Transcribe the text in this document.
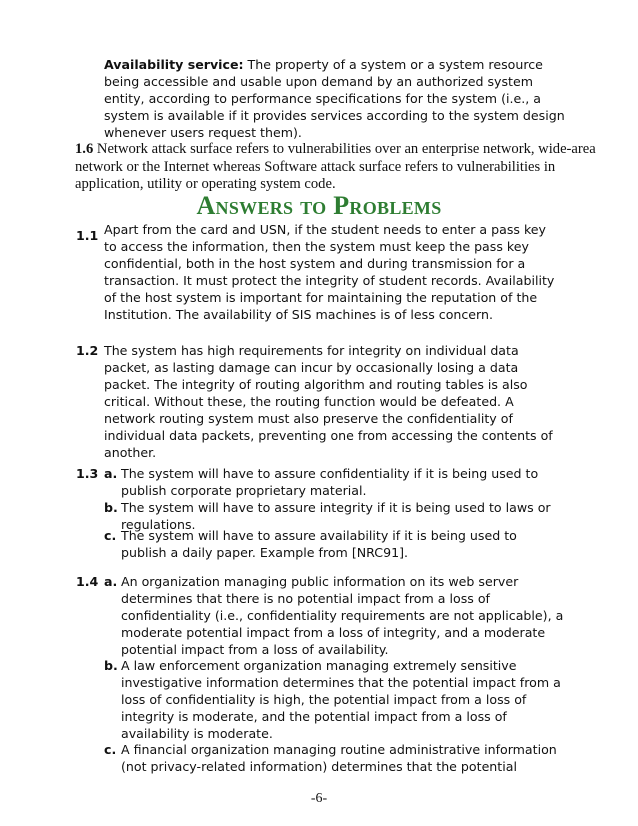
Availability service: The property of a system or a system resource being accessible and usable upon demand by an authorized system entity, according to performance specifications for the system (i.e., a system is available if it provides services according to the system design whenever users request them).
1.6 Network attack surface refers to vulnerabilities over an enterprise network, wide-area network or the Internet whereas Software attack surface refers to vulnerabilities in application, utility or operating system code.
Answers to Problems
1.1 Apart from the card and USN, if the student needs to enter a pass key to access the information, then the system must keep the pass key confidential, both in the host system and during transmission for a transaction. It must protect the integrity of student records. Availability of the host system is important for maintaining the reputation of the Institution. The availability of SIS machines is of less concern.
1.2 The system has high requirements for integrity on individual data packet, as lasting damage can incur by occasionally losing a data packet. The integrity of routing algorithm and routing tables is also critical. Without these, the routing function would be defeated. A network routing system must also preserve the confidentiality of individual data packets, preventing one from accessing the contents of another.
1.3 a. The system will have to assure confidentiality if it is being used to publish corporate proprietary material.
b. The system will have to assure integrity if it is being used to laws or regulations.
c. The system will have to assure availability if it is being used to publish a daily paper. Example from [NRC91].
1.4 a. An organization managing public information on its web server determines that there is no potential impact from a loss of confidentiality (i.e., confidentiality requirements are not applicable), a moderate potential impact from a loss of integrity, and a moderate potential impact from a loss of availability.
b. A law enforcement organization managing extremely sensitive investigative information determines that the potential impact from a loss of confidentiality is high, the potential impact from a loss of integrity is moderate, and the potential impact from a loss of availability is moderate.
c. A financial organization managing routine administrative information (not privacy-related information) determines that the potential
-6-
